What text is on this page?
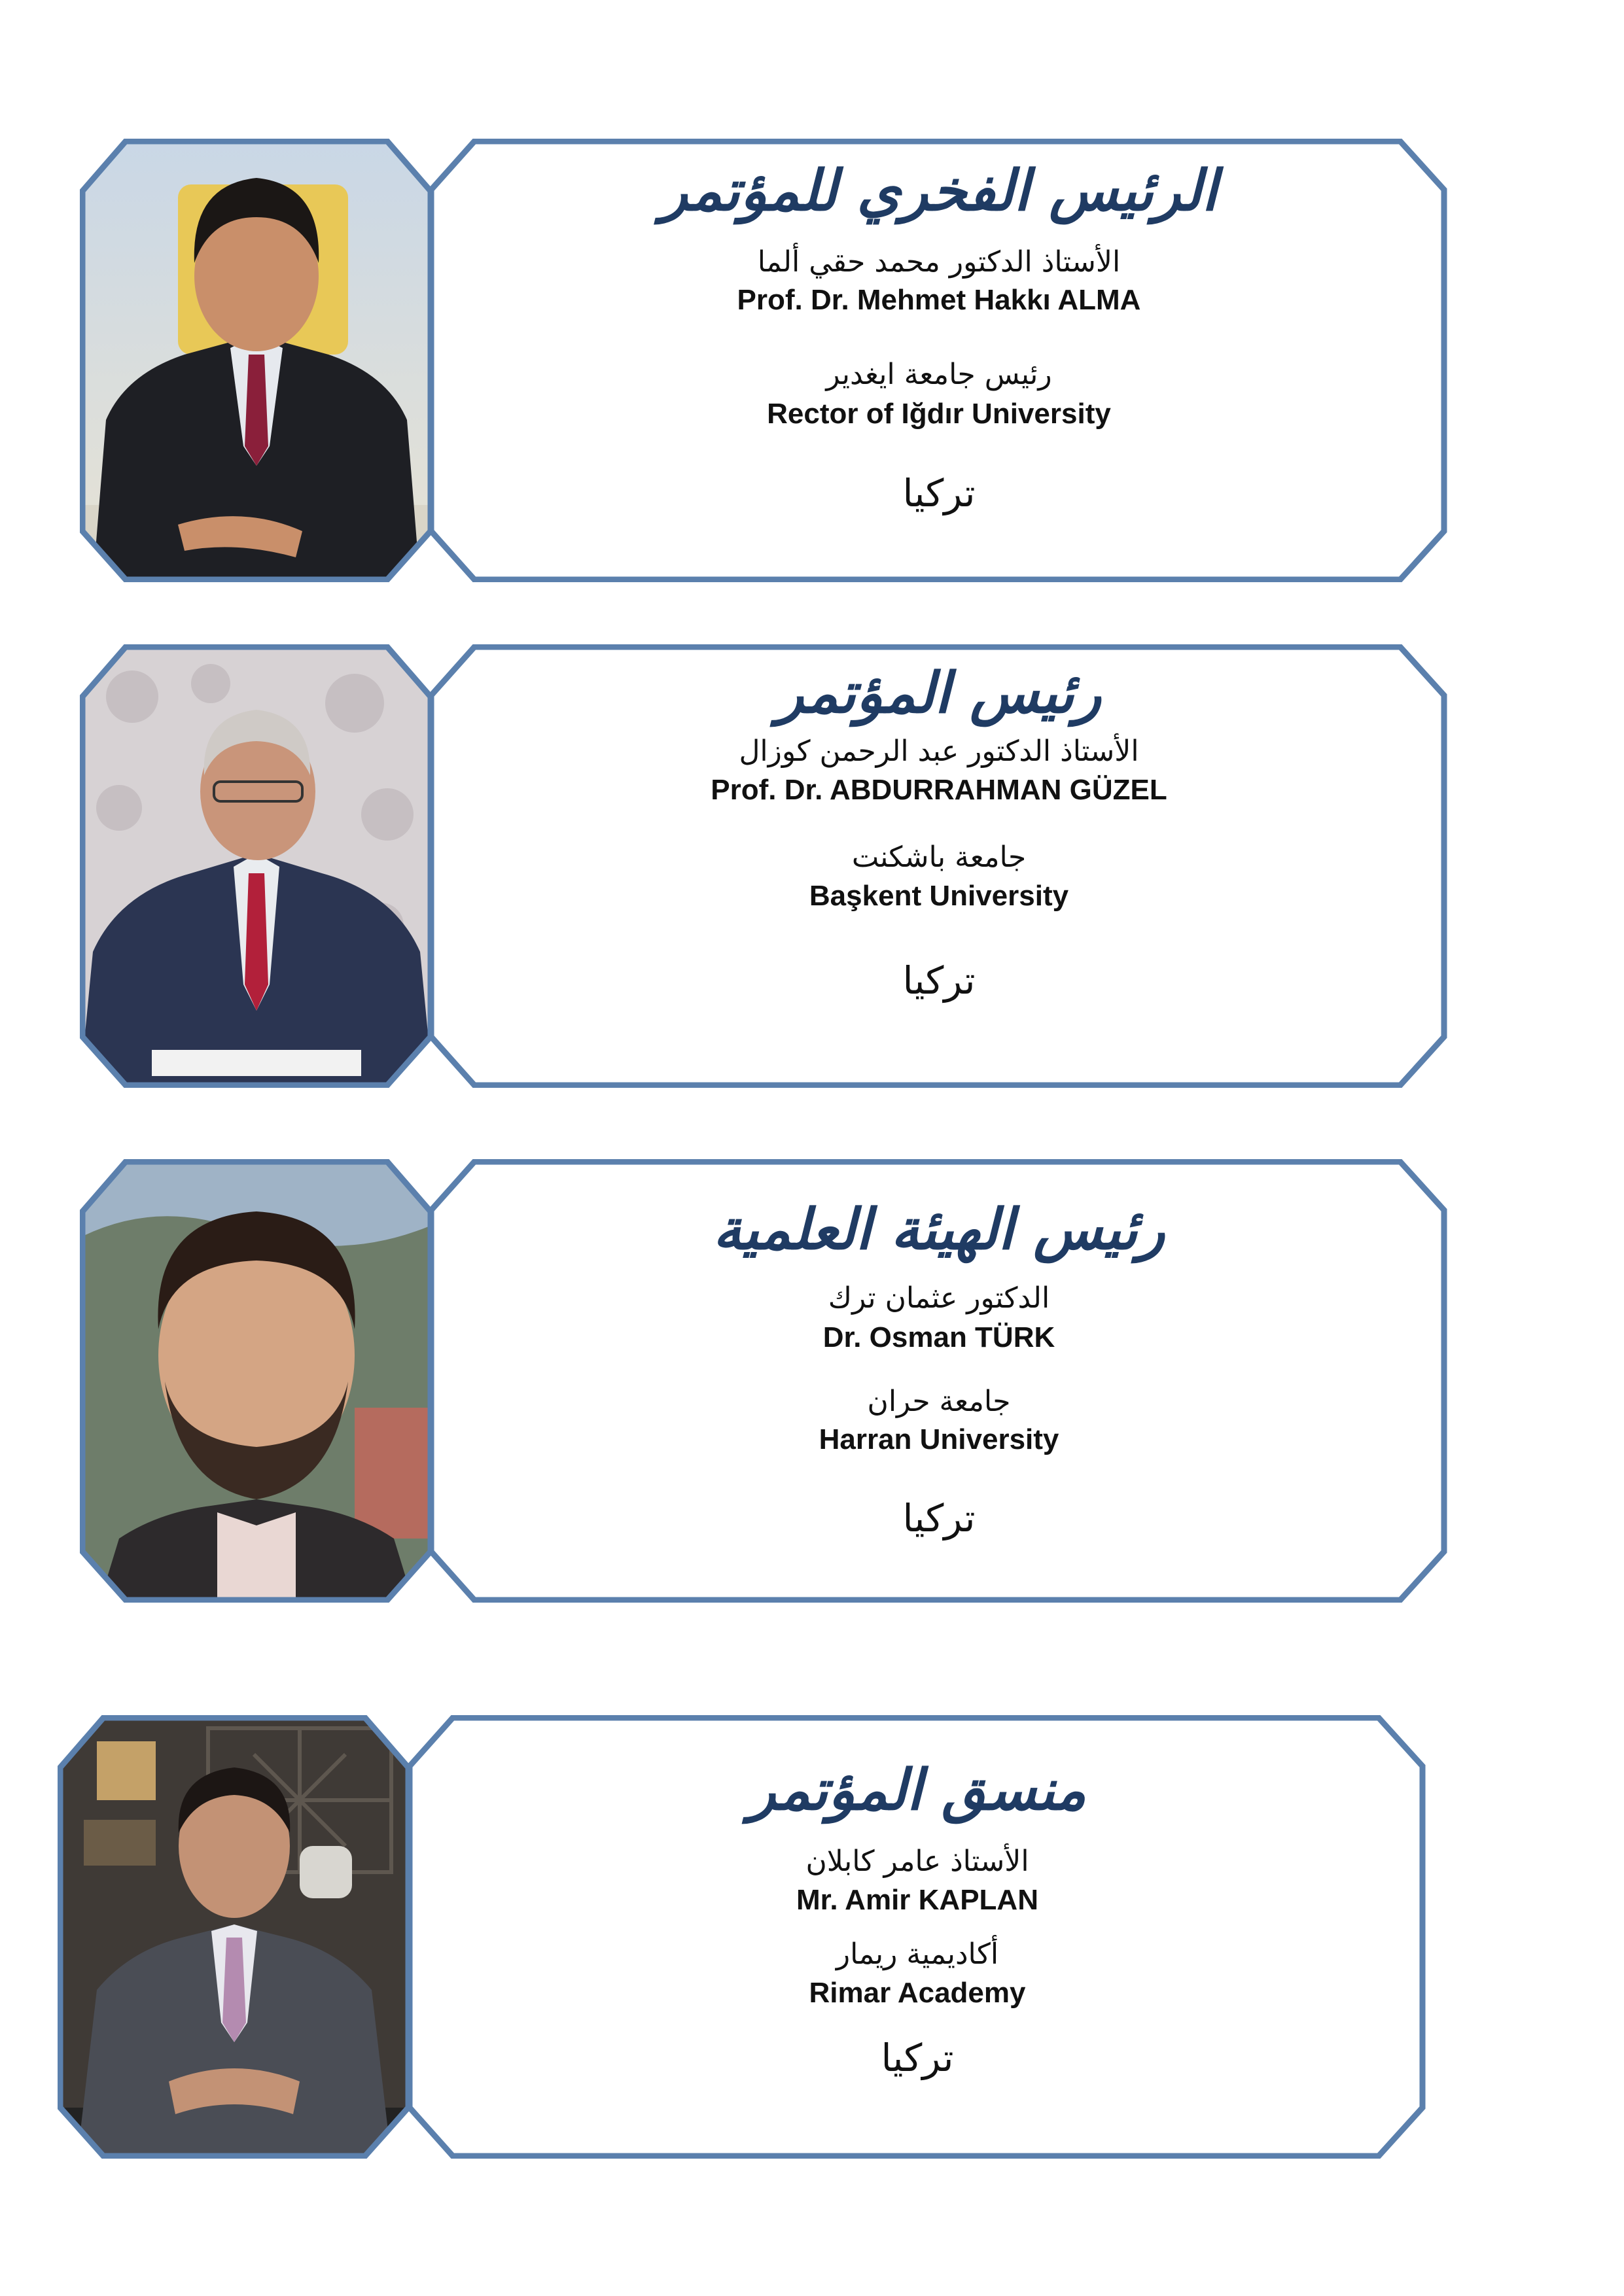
الرئيس الفخري للمؤتمر
الأستاذ الدكتور محمد حقي ألما
Prof. Dr. Mehmet Hakkı ALMA
رئيس جامعة ايغدير
Rector of Iğdır University
تركيا
رئيس المؤتمر
الأستاذ الدكتور عبد الرحمن كوزال
Prof. Dr. ABDURRAHMAN GÜZEL
جامعة باشكنت
Başkent University
تركيا
رئيس الهيئة العلمية
الدكتور عثمان ترك
Dr. Osman TÜRK
جامعة حران
Harran University
تركيا
منسق المؤتمر
الأستاذ عامر كابلان
Mr. Amir KAPLAN
أكاديمية ريمار
Rimar Academy
تركيا
